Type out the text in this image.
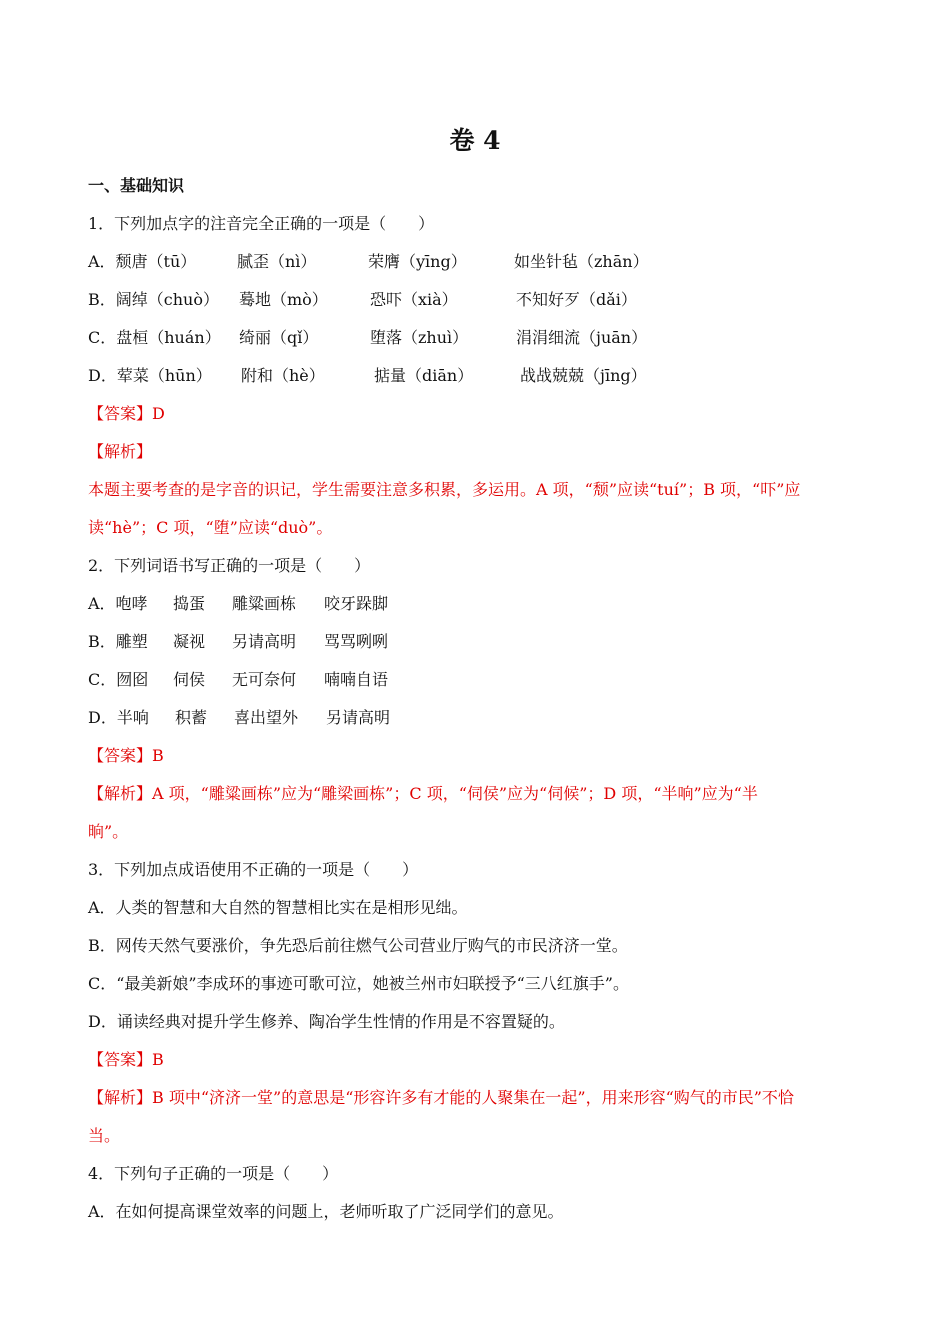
卷 4
一、基础知识
1．下列加点字的注音完全正确的一项是（　　）
A．颓唐（tū）	腻歪（nì）	荣膺（yīng）	如坐针毡（zhān）
B．阔绰（chuò） 蓦地（mò）	恐吓（xià）	不知好歹（dǎi）
C．盘桓（huán） 绮丽（qǐ）	堕落（zhuì）	涓涓细流（juān）
D．荤菜（hūn） 附和（hè）	掂量（diān）	战战兢兢（jīng）
【答案】D
【解析】
本题主要考查的是字音的识记，学生需要注意多积累，多运用。A 项，“颓”应读“tuí”；B 项，“吓”应
读“hè”；C 项，“堕”应读“duò”。
2．下列词语书写正确的一项是（　　）
A．咆哮 捣蛋 雕粱画栋 咬牙跺脚
B．雕塑 凝视 另请高明 骂骂咧咧
C．囫囵 伺侯 无可奈何 喃喃自语
D．半响 积蓄 喜出望外 另请高明
【答案】B
【解析】A 项，“雕粱画栋”应为“雕梁画栋”；C 项，“伺侯”应为“伺候”；D 项，“半响”应为“半
晌”。
3．下列加点成语使用不正确的一项是（　　）
A．人类的智慧和大自然的智慧相比实在是相形见绌。
B．网传天然气要涨价，争先恐后前往燃气公司营业厅购气的市民济济一堂。
C．“最美新娘”李成环的事迹可歌可泣，她被兰州市妇联授予“三八红旗手”。
D．诵读经典对提升学生修养、陶冶学生性情的作用是不容置疑的。
【答案】B
【解析】B 项中“济济一堂”的意思是“形容许多有才能的人聚集在一起”，用来形容“购气的市民”不恰
当。
4．下列句子正确的一项是（　　）
A．在如何提高课堂效率的问题上，老师听取了广泛同学们的意见。
